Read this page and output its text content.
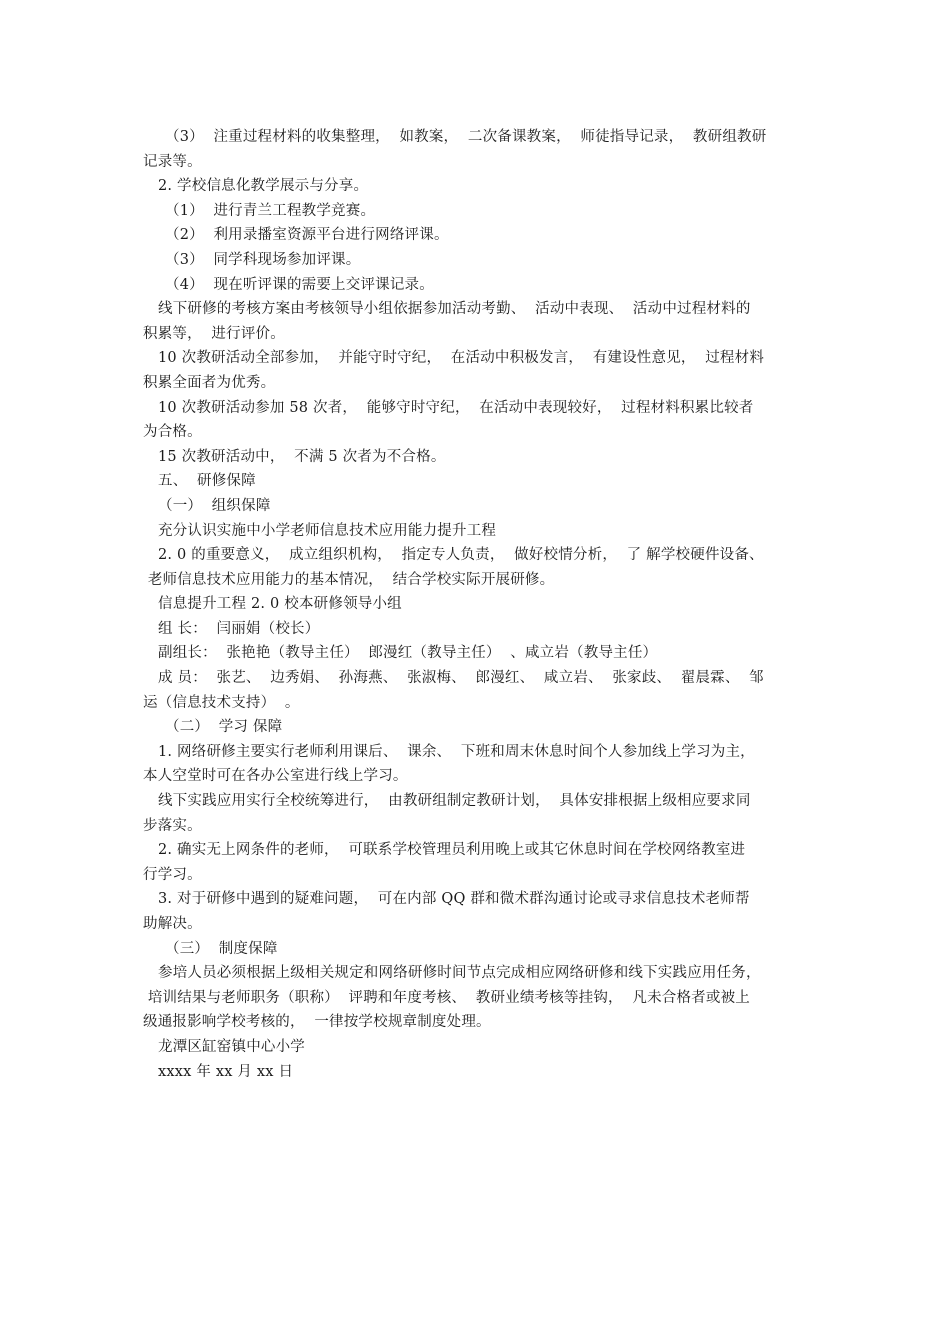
（3）  注重过程材料的收集整理，  如教案，  二次备课教案，  师徒指导记录，  教研组教研

记录等。

2. 学校信息化教学展示与分享。

（1）  进行青兰工程教学竞赛。

（2）  利用录播室资源平台进行网络评课。

（3）  同学科现场参加评课。

（4）  现在听评课的需要上交评课记录。

线下研修的考核方案由考核领导小组依据参加活动考勤、  活动中表现、  活动中过程材料的

积累等，  进行评价。

10 次教研活动全部参加，  并能守时守纪，  在活动中积极发言，  有建设性意见，  过程材料

积累全面者为优秀。

10 次教研活动参加 58 次者，  能够守时守纪，  在活动中表现较好，  过程材料积累比较者

为合格。

15 次教研活动中，  不满 5 次者为不合格。

五、  研修保障

（一）  组织保障

充分认识实施中小学老师信息技术应用能力提升工程

2. 0 的重要意义，  成立组织机构，  指定专人负责，  做好校情分析，  了 解学校硬件设备、

老师信息技术应用能力的基本情况，  结合学校实际开展研修。

信息提升工程 2. 0 校本研修领导小组

组 长：  闫丽娟（校长）

副组长：  张艳艳（教导主任）  郎漫红（教导主任）  、咸立岩（教导主任）

成 员：  张艺、  边秀娟、  孙海燕、  张淑梅、  郎漫红、  咸立岩、  张家歧、  翟晨霖、  邹

运（信息技术支持）  。

（二）  学习 保障

1. 网络研修主要实行老师利用课后、  课余、  下班和周末休息时间个人参加线上学习为主，

本人空堂时可在各办公室进行线上学习。

线下实践应用实行全校统筹进行，  由教研组制定教研计划，  具体安排根据上级相应要求同

步落实。

2. 确实无上网条件的老师，  可联系学校管理员利用晚上或其它休息时间在学校网络教室进

行学习。

3. 对于研修中遇到的疑难问题，  可在内部 QQ 群和微术群沟通讨论或寻求信息技术老师帮

助解决。

（三）  制度保障

参培人员必须根据上级相关规定和网络研修时间节点完成相应网络研修和线下实践应用任务，

培训结果与老师职务（职称）  评聘和年度考核、  教研业绩考核等挂钩，  凡未合格者或被上

级通报影响学校考核的，  一律按学校规章制度处理。

龙潭区缸窑镇中心小学

xxxx 年 xx 月 xx 日
